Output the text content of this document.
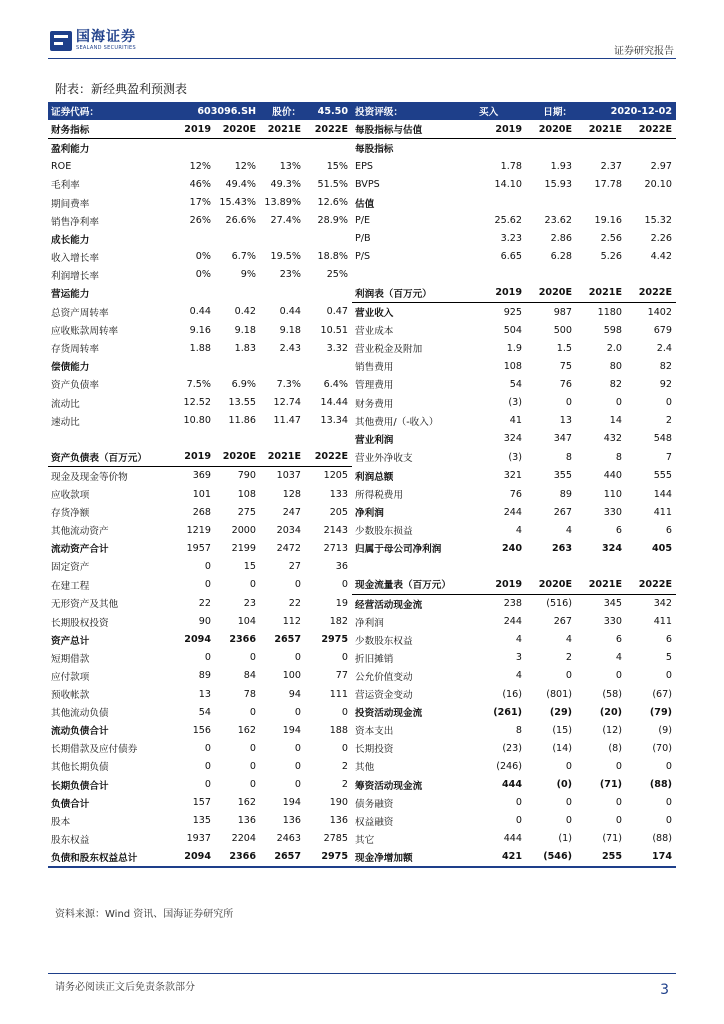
国海证券
SEALAND SECURITIES	证券研究报告
附表：新经典盈利预测表
证券代码：	603096.SH		股价：	45.50	投资评级：	买入	日期：	2020-12-02	
财务指标	2019	2020E	2021E	2022E	每股指标与估值	2019	2020E	2021E	2022E
盈利能力					每股指标				
ROE	12%	12%	13%	15%	EPS	1.78	1.93	2.37	2.97
毛利率	46%	49.4%	49.3%	51.5%	BVPS	14.10	15.93	17.78	20.10
期间费率	17%	15.43%	13.89%	12.6%	估值				
销售净利率	26%	26.6%	27.4%	28.9%	P/E	25.62	23.62	19.16	15.32
成长能力					P/B	3.23	2.86	2.56	2.26
收入增长率	0%	6.7%	19.5%	18.8%	P/S	6.65	6.28	5.26	4.42
利润增长率	0%	9%	23%	25%					
营运能力					利润表（百万元）	2019	2020E	2021E	2022E
总资产周转率	0.44	0.42	0.44	0.47	营业收入	925	987	1180	1402
应收账款周转率	9.16	9.18	9.18	10.51	营业成本	504	500	598	679
存货周转率	1.88	1.83	2.43	3.32	营业税金及附加	1.9	1.5	2.0	2.4
偿债能力					销售费用	108	75	80	82
资产负债率	7.5%	6.9%	7.3%	6.4%	管理费用	54	76	82	92
流动比	12.52	13.55	12.74	14.44	财务费用	(3)	0	0	0
速动比	10.80	11.86	11.47	13.34	其他费用/（-收入）	41	13	14	2
					营业利润	324	347	432	548
资产负债表（百万元）	2019	2020E	2021E	2022E	营业外净收支	(3)	8	8	7
现金及现金等价物	369	790	1037	1205	利润总额	321	355	440	555
应收款项	101	108	128	133	所得税费用	76	89	110	144
存货净额	268	275	247	205	净利润	244	267	330	411
其他流动资产	1219	2000	2034	2143	少数股东损益	4	4	6	6
流动资产合计	1957	2199	2472	2713	归属于母公司净利润	240	263	324	405
固定资产	0	15	27	36					
在建工程	0	0	0	0	现金流量表（百万元）	2019	2020E	2021E	2022E
无形资产及其他	22	23	22	19	经营活动现金流	238	(516)	345	342
长期股权投资	90	104	112	182	净利润	244	267	330	411
资产总计	2094	2366	2657	2975	少数股东权益	4	4	6	6
短期借款	0	0	0	0	折旧摊销	3	2	4	5
应付款项	89	84	100	77	公允价值变动	4	0	0	0
预收帐款	13	78	94	111	营运资金变动	(16)	(801)	(58)	(67)
其他流动负债	54	0	0	0	投资活动现金流	(261)	(29)	(20)	(79)
流动负债合计	156	162	194	188	资本支出	8	(15)	(12)	(9)
长期借款及应付债券	0	0	0	0	长期投资	(23)	(14)	(8)	(70)
其他长期负债	0	0	0	2	其他	(246)	0	0	0
长期负债合计	0	0	0	2	筹资活动现金流	444	(0)	(71)	(88)
负债合计	157	162	194	190	债务融资	0	0	0	0
股本	135	136	136	136	权益融资	0	0	0	0
股东权益	1937	2204	2463	2785	其它	444	(1)	(71)	(88)
负债和股东权益总计	2094	2366	2657	2975	现金净增加额	421	(546)	255	174
资料来源：Wind 资讯、国海证券研究所
请务必阅读正文后免责条款部分	3
